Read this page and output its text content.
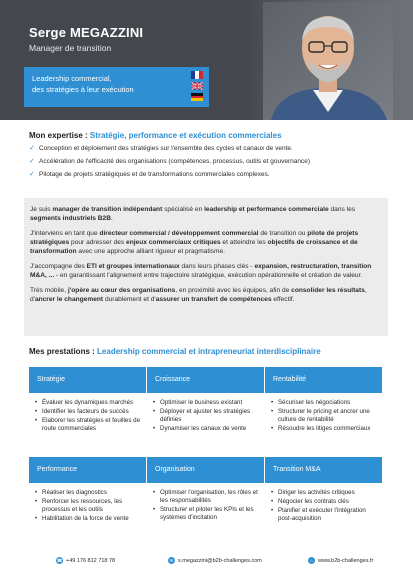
Serge MEGAZZINI
Manager de transition
Leadership commercial,
des stratégies à leur exécution
Mon expertise : Stratégie, performance et exécution commerciales
✓ Conception et déploiement des stratégies sur l'ensemble des cycles et canaux de vente.
✓ Accélération de l'efficacité des organisations (compétences, processus, outils et gouvernance)
✓ Pilotage de projets stratégiques et de transformations commerciales complexes.

Je suis manager de transition indépendant spécialisé en leadership et performance commerciale dans les segments industriels B2B.

J'interviens en tant que directeur commercial / développement commercial de transition ou pilote de projets stratégiques pour adresser des enjeux commerciaux critiques et atteindre les objectifs de croissance et de transformation avec une approche alliant rigueur et pragmatisme.

J'accompagne des ETI et groupes internationaux dans leurs phases clés - expansion, restructuration, transition M&A, ... - en garantissant l'alignement entre trajectoire stratégique, exécution opérationnelle et création de valeur.

Très mobile, j'opère au cœur des organisations, en proximité avec les équipes, afin de consolider les résultats, d'ancrer le changement durablement et d'assurer un transfert de compétences effectif.

Mes prestations : Leadership commercial et intrapreneuriat interdisciplinaire
Stratégie
• Évaluer les dynamiques marchés
• Identifier les facteurs de succès
• Elaborer les stratégies et feuilles de route commerciales
Croissance
• Optimiser le business existant
• Déployer et ajuster les stratégies définies
• Dynamiser les canaux de vente
Rentabilité
• Sécuriser les négociations
• Structurer le pricing et ancrer une culture de rentabilité
• Résoudre les litiges commerciaux
Performance
• Réaliser les diagnostics
• Renforcer les ressources, les processus et les outils
• Habilitation de la force de vente
Organisation
• Optimiser l'organisation, les rôles et les responsabilités
• Structurer et piloter les KPIs et les systèmes d'incitation
Transition M&A
• Diriger les activités critiques
• Négocier les contrats clés
• Planifier et exécuter l'intégration post-acquisition
☎ +49 176 812 718 78	✉ s.megazzini@b2b-challenges.com	⌂ www.b2b-challenges.fr
